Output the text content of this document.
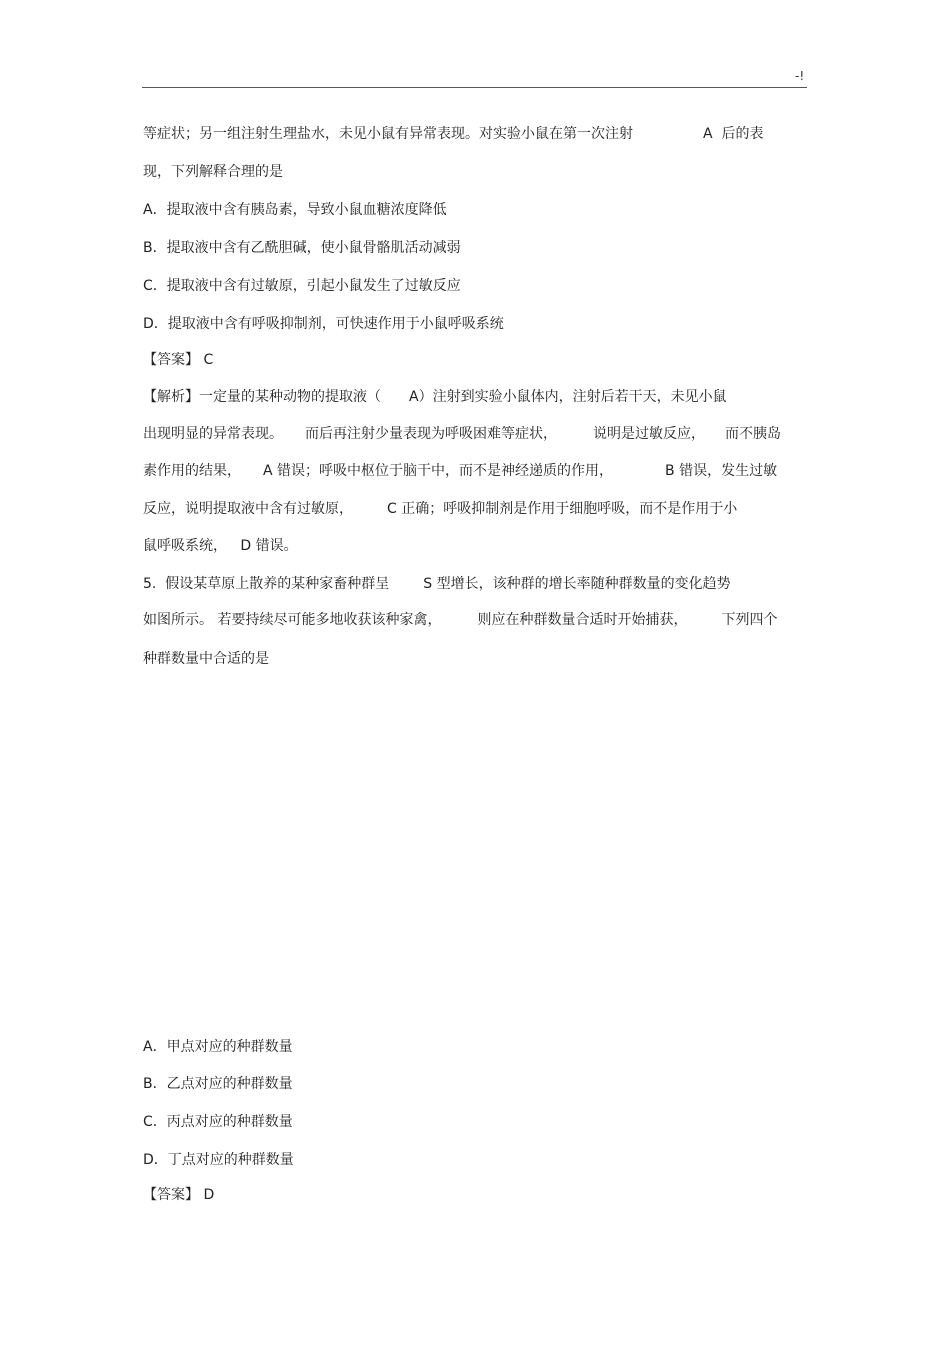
-!
等症状；另一组注射生理盐水，未见小鼠有异常表现。对实验小鼠在第一次注射	A  后的表
现，下列解释合理的是
A．提取液中含有胰岛素，导致小鼠血糖浓度降低
B．提取液中含有乙酰胆碱，使小鼠骨骼肌活动减弱
C．提取液中含有过敏原，引起小鼠发生了过敏反应
D．提取液中含有呼吸抑制剂，可快速作用于小鼠呼吸系统
【答案】 C
【解析】一定量的某种动物的提取液（ A）注射到实验小鼠体内，注射后若干天，未见小鼠
出现明显的异常表现。 而后再注射少量表现为呼吸困难等症状，	说明是过敏反应， 而不胰岛
素作用的结果， A 错误；呼吸中枢位于脑干中，而不是神经递质的作用，	B 错误，发生过敏
反应，说明提取液中含有过敏原， C 正确；呼吸抑制剂是作用于细胞呼吸，而不是作用于小
鼠呼吸系统，   D 错误。
5.  假设某草原上散养的某种家畜种群呈 S 型增长，该种群的增长率随种群数量的变化趋势
如图所示。 若要持续尽可能多地收获该种家禽，	则应在种群数量合适时开始捕获， 下列四个
种群数量中合适的是
A．甲点对应的种群数量
B．乙点对应的种群数量
C．丙点对应的种群数量
D．丁点对应的种群数量
【答案】 D
